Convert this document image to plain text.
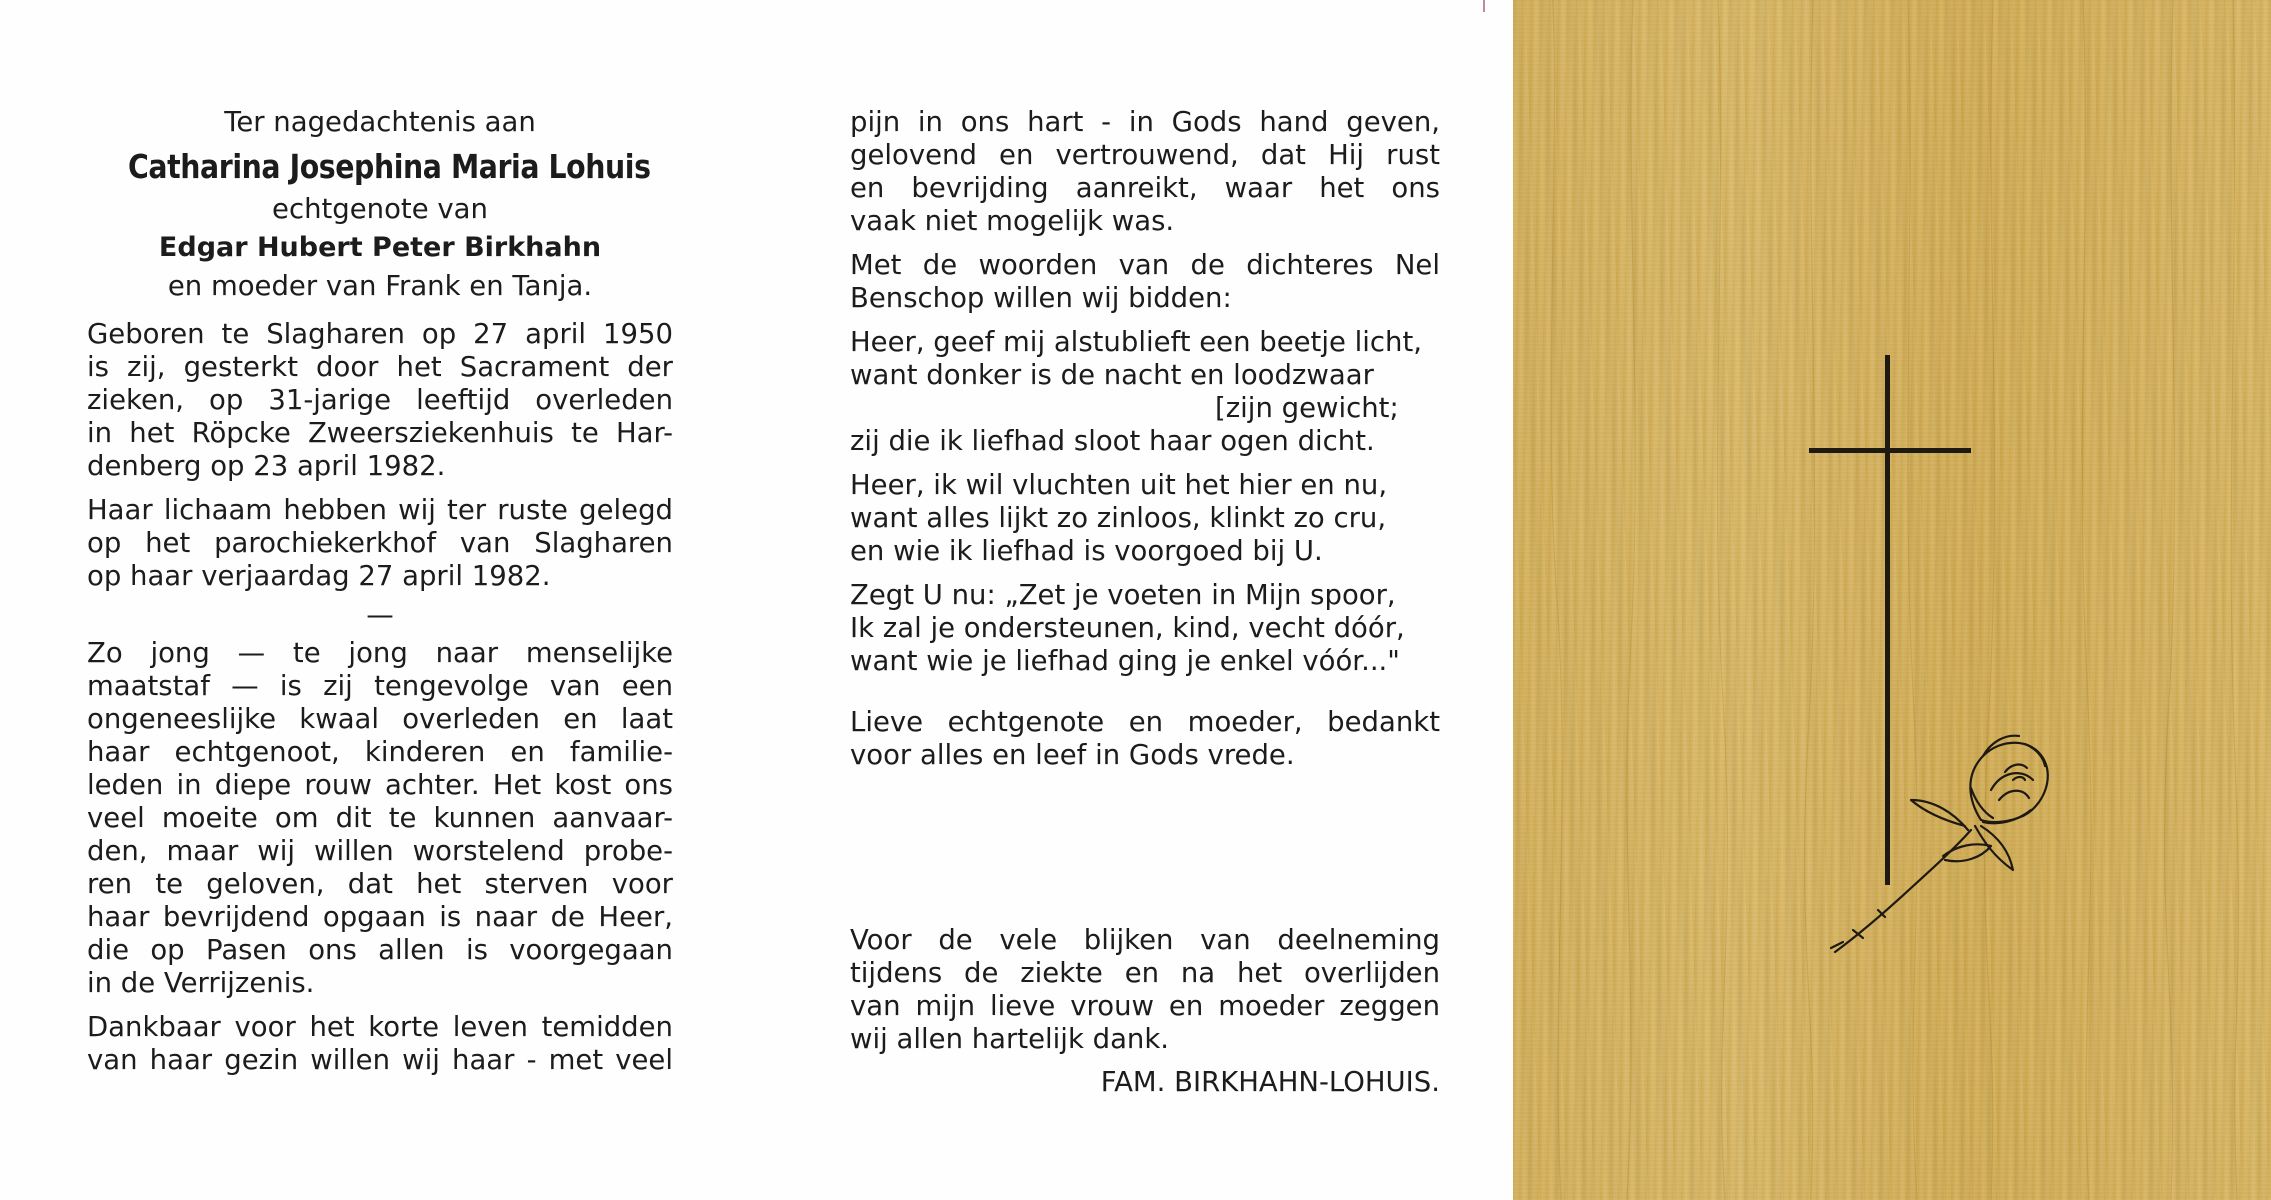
Ter nagedachtenis aan
Catharina Josephina Maria Lohuis
echtgenote van
Edgar Hubert Peter Birkhahn
en moeder van Frank en Tanja.
Geboren te Slagharen op 27 april 1950
is zij, gesterkt door het Sacrament der
zieken, op 31-jarige leeftijd overleden
in het Röpcke Zweersziekenhuis te Har-
denberg op 23 april 1982.
Haar lichaam hebben wij ter ruste gelegd
op het parochiekerkhof van Slagharen
op haar verjaardag 27 april 1982.
—
Zo jong — te jong naar menselijke
maatstaf — is zij tengevolge van een
ongeneeslijke kwaal overleden en laat
haar echtgenoot, kinderen en familie-
leden in diepe rouw achter. Het kost ons
veel moeite om dit te kunnen aanvaar-
den, maar wij willen worstelend probe-
ren te geloven, dat het sterven voor
haar bevrijdend opgaan is naar de Heer,
die op Pasen ons allen is voorgegaan
in de Verrijzenis.
Dankbaar voor het korte leven temidden
van haar gezin willen wij haar - met veel
pijn in ons hart - in Gods hand geven,
gelovend en vertrouwend, dat Hij rust
en bevrijding aanreikt, waar het ons
vaak niet mogelijk was.
Met de woorden van de dichteres Nel
Benschop willen wij bidden:
Heer, geef mij alstublieft een beetje licht,
want donker is de nacht en loodzwaar
[zijn gewicht;
zij die ik liefhad sloot haar ogen dicht.
Heer, ik wil vluchten uit het hier en nu,
want alles lijkt zo zinloos, klinkt zo cru,
en wie ik liefhad is voorgoed bij U.
Zegt U nu: „Zet je voeten in Mijn spoor,
Ik zal je ondersteunen, kind, vecht dóór,
want wie je liefhad ging je enkel vóór..."
Lieve echtgenote en moeder, bedankt
voor alles en leef in Gods vrede.
Voor de vele blijken van deelneming
tijdens de ziekte en na het overlijden
van mijn lieve vrouw en moeder zeggen
wij allen hartelijk dank.
FAM. BIRKHAHN-LOHUIS.
